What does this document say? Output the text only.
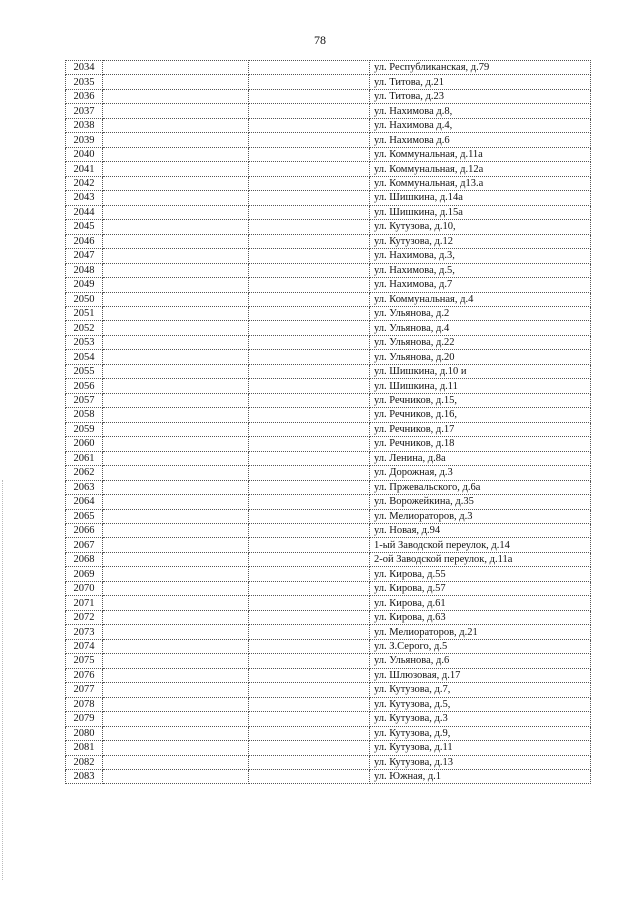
78
2034			ул. Республиканская, д.79
2035			ул. Титова, д.21
2036			ул. Титова, д.23
2037			ул. Нахимова д.8,
2038			ул. Нахимова д.4,
2039			ул. Нахимова д.6
2040			ул. Коммунальная, д.11а
2041			ул. Коммунальная, д.12а
2042			ул. Коммунальная, д13.а
2043			ул. Шишкина, д.14а
2044			ул. Шишкина, д.15а
2045			ул. Кутузова, д.10,
2046			ул. Кутузова, д.12
2047			ул. Нахимова, д.3,
2048			ул. Нахимова, д.5,
2049			ул. Нахимова, д.7
2050			ул. Коммунальная, д.4
2051			ул. Ульянова, д.2
2052			ул. Ульянова, д.4
2053			ул. Ульянова, д.22
2054			ул. Ульянова, д.20
2055			ул. Шишкина, д.10 и
2056			ул. Шишкина, д.11
2057			ул. Речников, д.15,
2058			ул. Речников, д.16,
2059			ул. Речников, д.17
2060			ул. Речников, д.18
2061			ул. Ленина, д.8а
2062			ул. Дорожная, д.3
2063			ул. Пржевальского, д.6а
2064			ул. Ворожейкина, д.35
2065			ул. Мелиораторов, д.3
2066			ул. Новая, д.94
2067			1-ый Заводской переулок, д.14
2068			2-ой Заводской переулок, д.11а
2069			ул. Кирова, д.55
2070			ул. Кирова, д.57
2071			ул. Кирова, д.61
2072			ул. Кирова, д.63
2073			ул. Мелиораторов, д.21
2074			ул. З.Серого, д.5
2075			ул. Ульянова, д.6
2076			ул. Шлюзовая, д.17
2077			ул. Кутузова, д.7,
2078			ул. Кутузова, д.5,
2079			ул. Кутузова, д.3
2080			ул. Кутузова, д.9,
2081			ул. Кутузова, д.11
2082			ул. Кутузова, д.13
2083			ул. Южная, д.1
